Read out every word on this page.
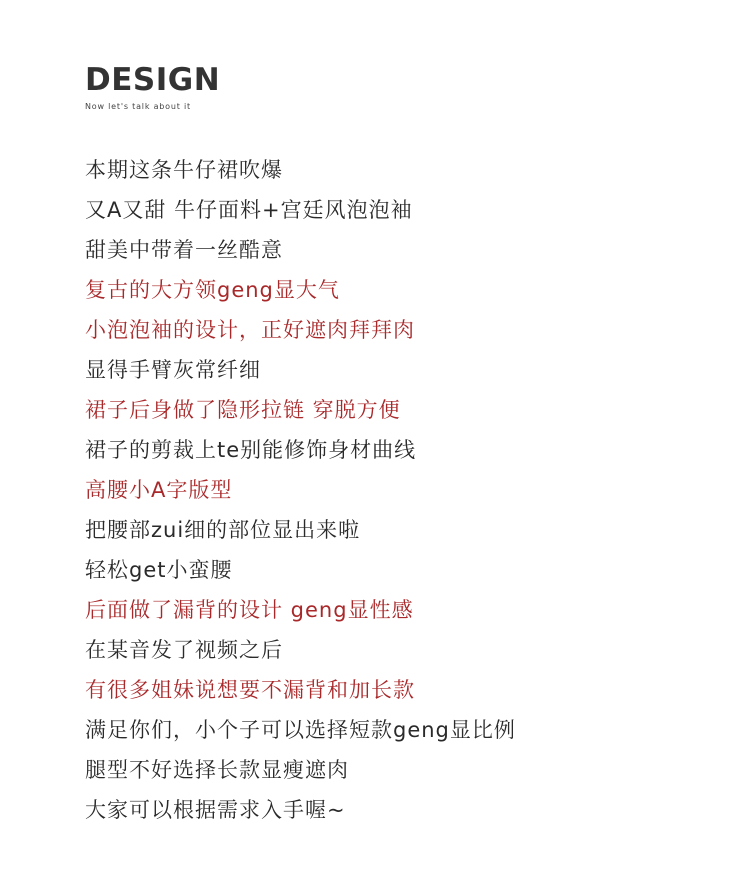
DESIGN
Now let's talk about it
本期这条牛仔裙吹爆
又A又甜 牛仔面料+宫廷风泡泡袖
甜美中带着一丝酷意
复古的大方领geng显大气
小泡泡袖的设计，正好遮肉拜拜肉
显得手臂灰常纤细
裙子后身做了隐形拉链 穿脱方便
裙子的剪裁上te别能修饰身材曲线
高腰小A字版型
把腰部zui细的部位显出来啦
轻松get小蛮腰
后面做了漏背的设计 geng显性感
在某音发了视频之后
有很多姐妹说想要不漏背和加长款
满足你们，小个子可以选择短款geng显比例
腿型不好选择长款显瘦遮肉
大家可以根据需求入手喔~
